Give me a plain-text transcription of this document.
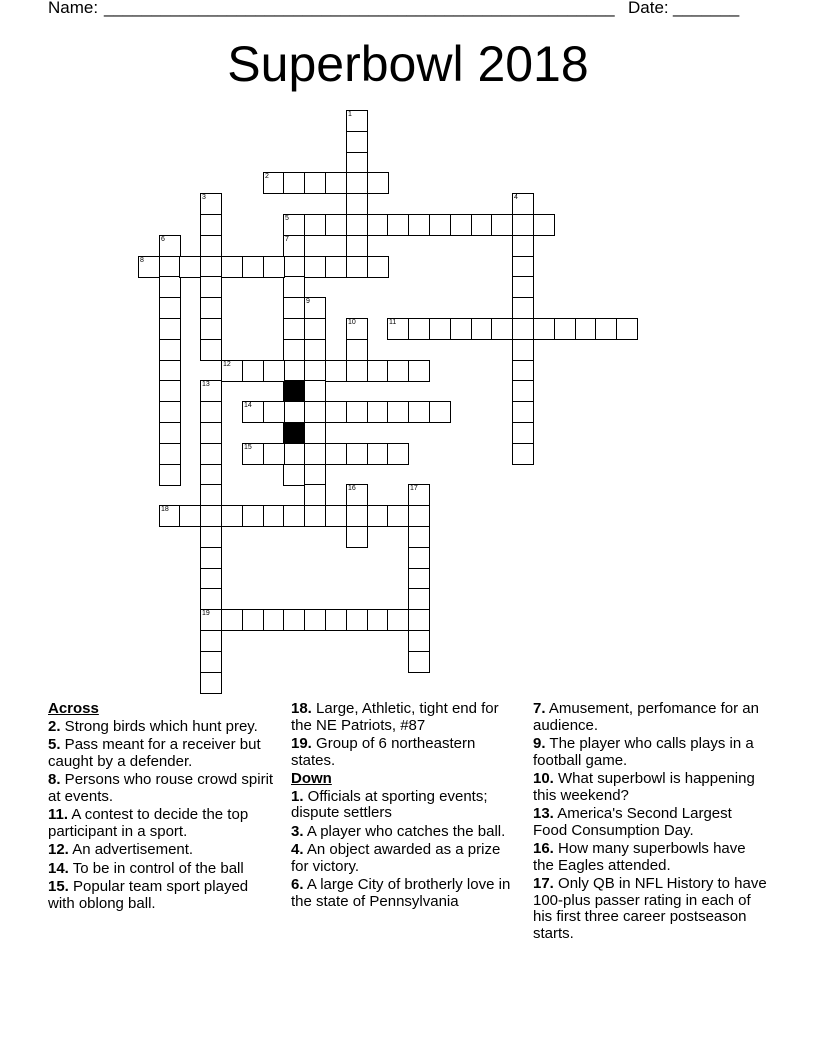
Name: ______________________________________________________ Date: _______
Superbowl 2018
1
2
3	4
5
6	7
8
9
10	11
12
13
19
14
15
16	17
18
Across
2. Strong birds which hunt prey.
5. Pass meant for a receiver but caught by a defender.
8. Persons who rouse crowd spirit at events.
11. A contest to decide the top participant in a sport.
12. An advertisement.
14. To be in control of the ball
15. Popular team sport played with oblong ball.
18. Large, Athletic, tight end for the NE Patriots, #87
19. Group of 6 northeastern states.
Down
1. Officials at sporting events; dispute settlers
3. A player who catches the ball.
4. An object awarded as a prize for victory.
6. A large City of brotherly love in the state of Pennsylvania
7. Amusement, perfomance for an audience.
9. The player who calls plays in a football game.
10. What superbowl is happening this weekend?
13. America's Second Largest Food Consumption Day.
16. How many superbowls have the Eagles attended.
17. Only QB in NFL History to have 100-plus passer rating in each of his first three career postseason starts.
